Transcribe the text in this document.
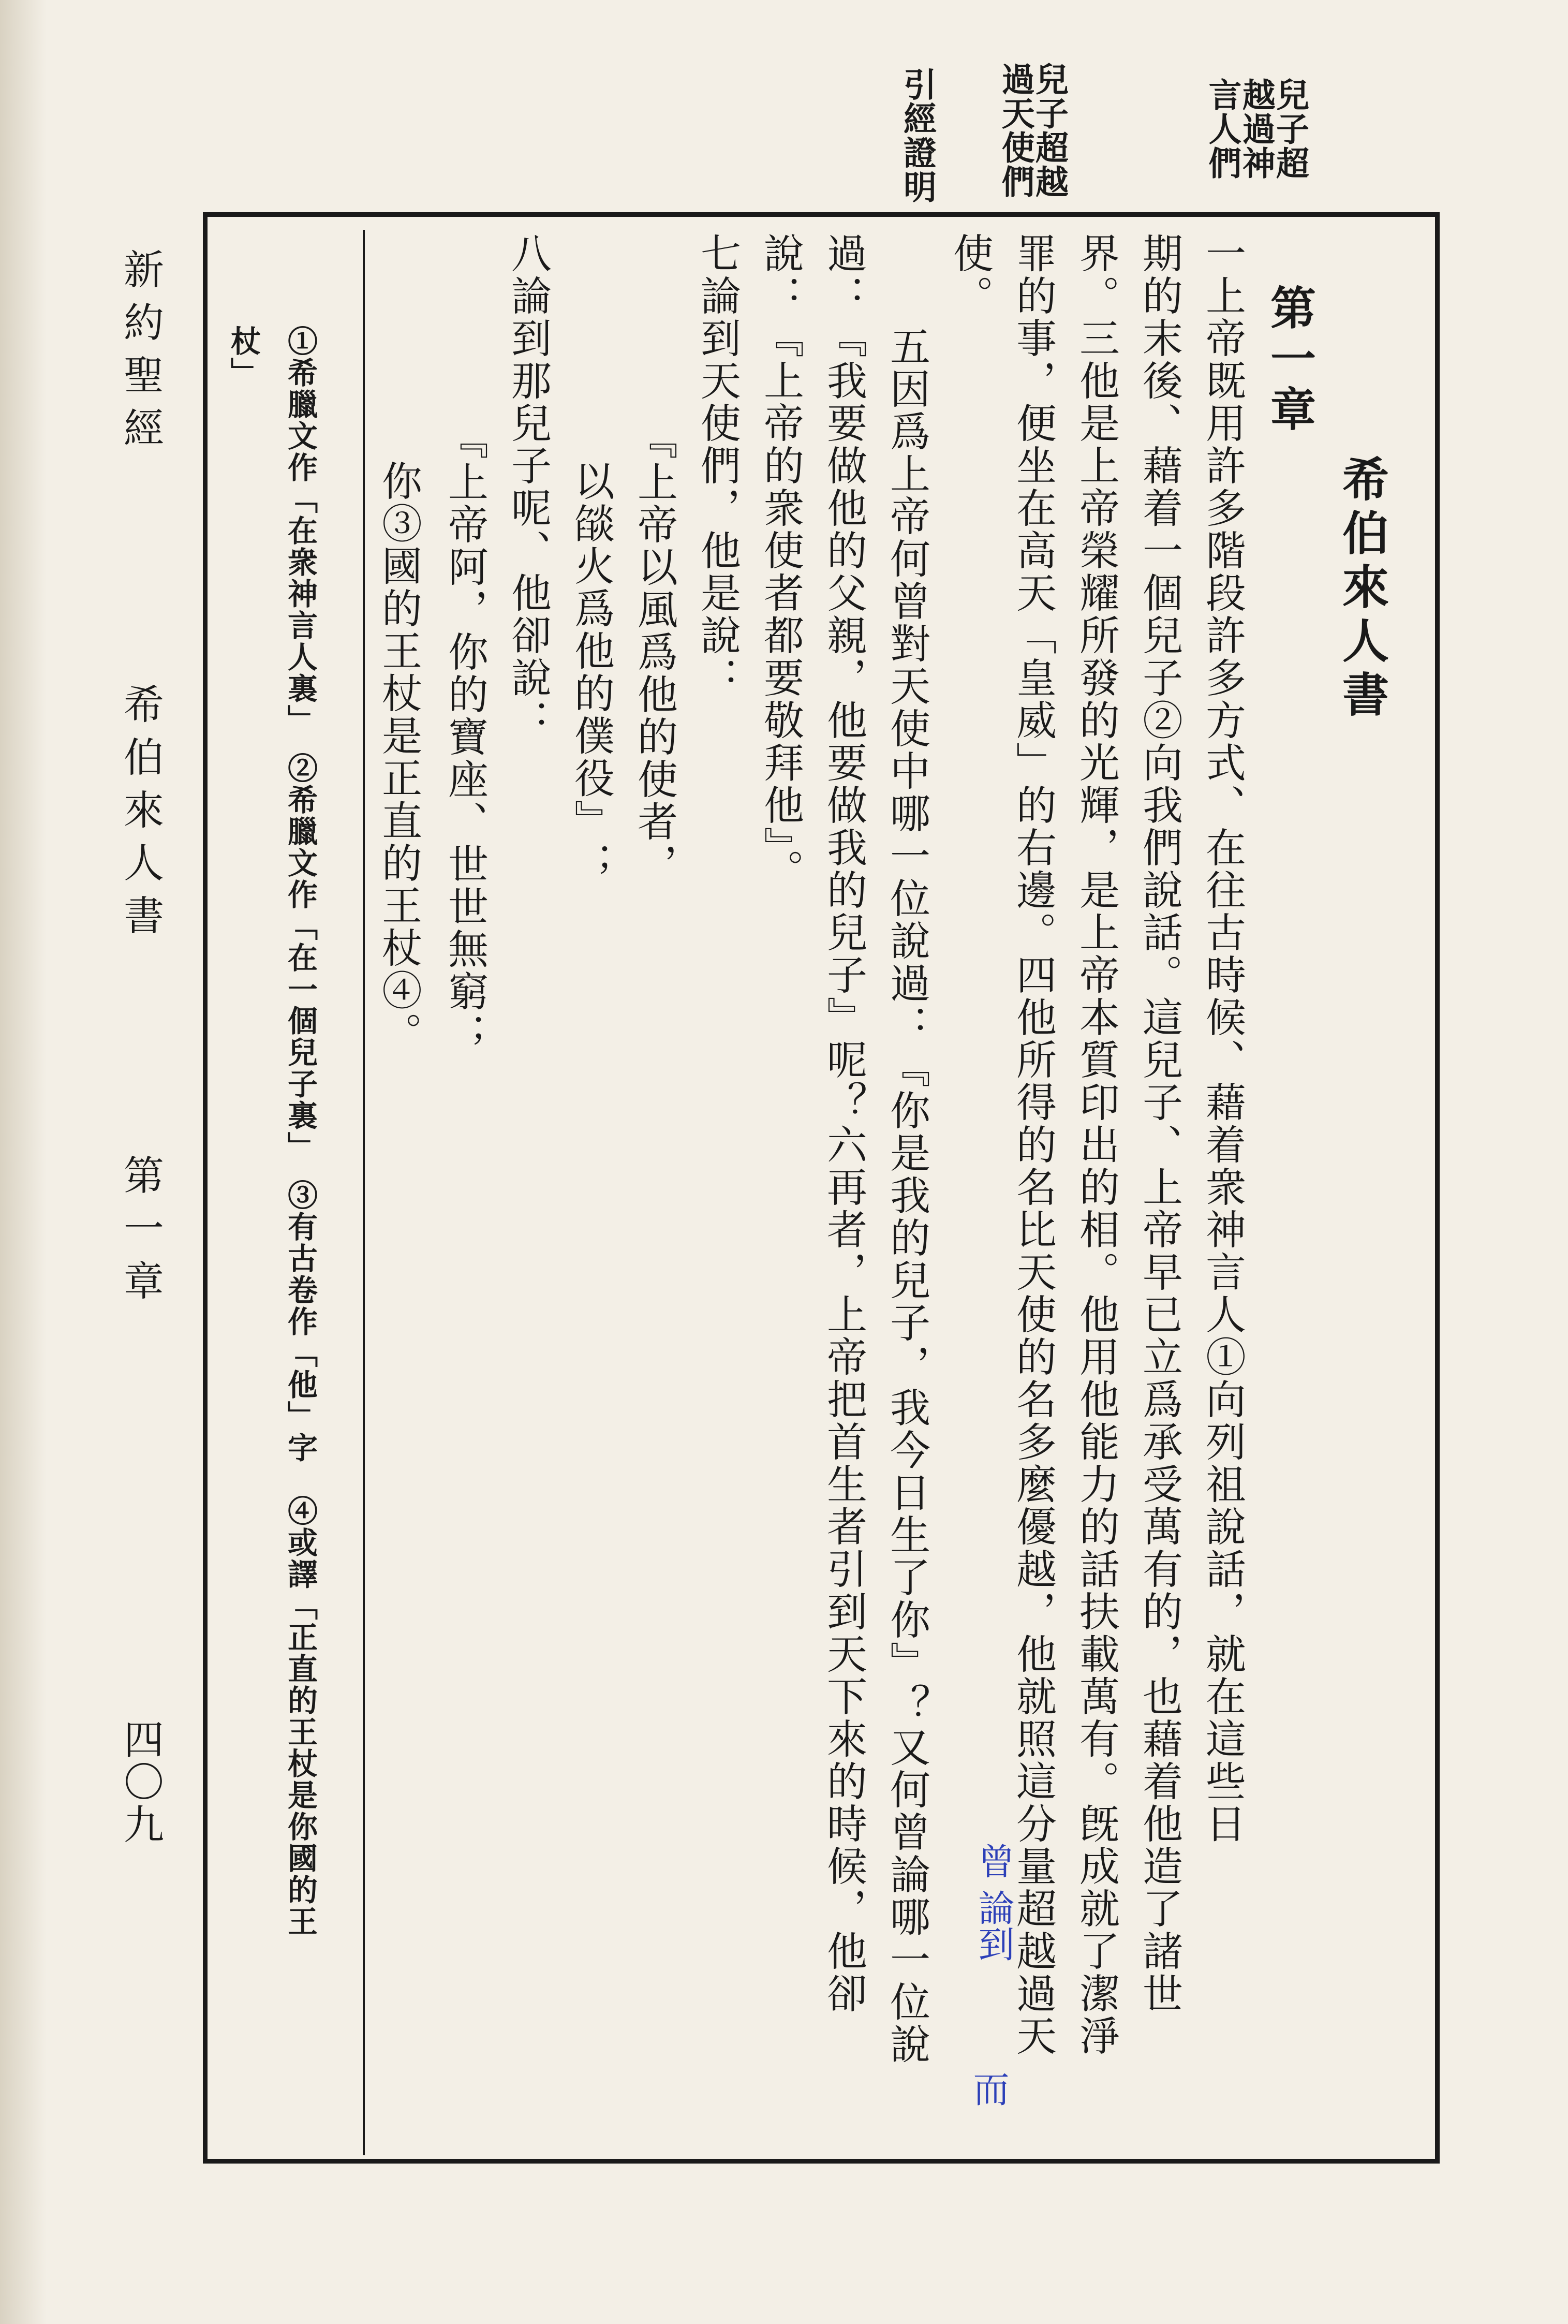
兒子超越過神言人們
兒子超越過天使們
引經證明
新約聖經
希伯來人書
第一章
四〇九
希伯來人書
第一章
一上帝既用許多階段許多方式、在往古時候、藉着衆神言人①向列祖說話，就在這些日
期的末後、藉着一個兒子②向我們說話。這兒子、上帝早已立爲承受萬有的，也藉着他造了諸世
界。三他是上帝榮耀所發的光輝，是上帝本質印出的相。他用他能力的話扶載萬有。旣成就了潔淨
罪的事，便坐在高天「皇威」的右邊。四他所得的名比天使的名多麼優越，他就照這分量超越過天
使。
五因爲上帝何曾對天使中哪一位說過：『你是我的兒子，我今日生了你』？又何曾論哪一位說
過：『我要做他的父親，他要做我的兒子』呢？六再者，上帝把首生者引到天下來的時候，他卻
說：『上帝的衆使者都要敬拜他』。
七論到天使們，他是說：
『上帝以風爲他的使者，
以燄火爲他的僕役』；
八論到那兒子呢、他卻說：
『上帝阿，你的寶座、世世無窮；
你③國的王杖是正直的王杖④。
①希臘文作「在衆神言人裏」　②希臘文作「在一個兒子裏」　③有古卷作「他」字　④或譯「正直的王杖是你國的王
杖」
曾
論到
而
